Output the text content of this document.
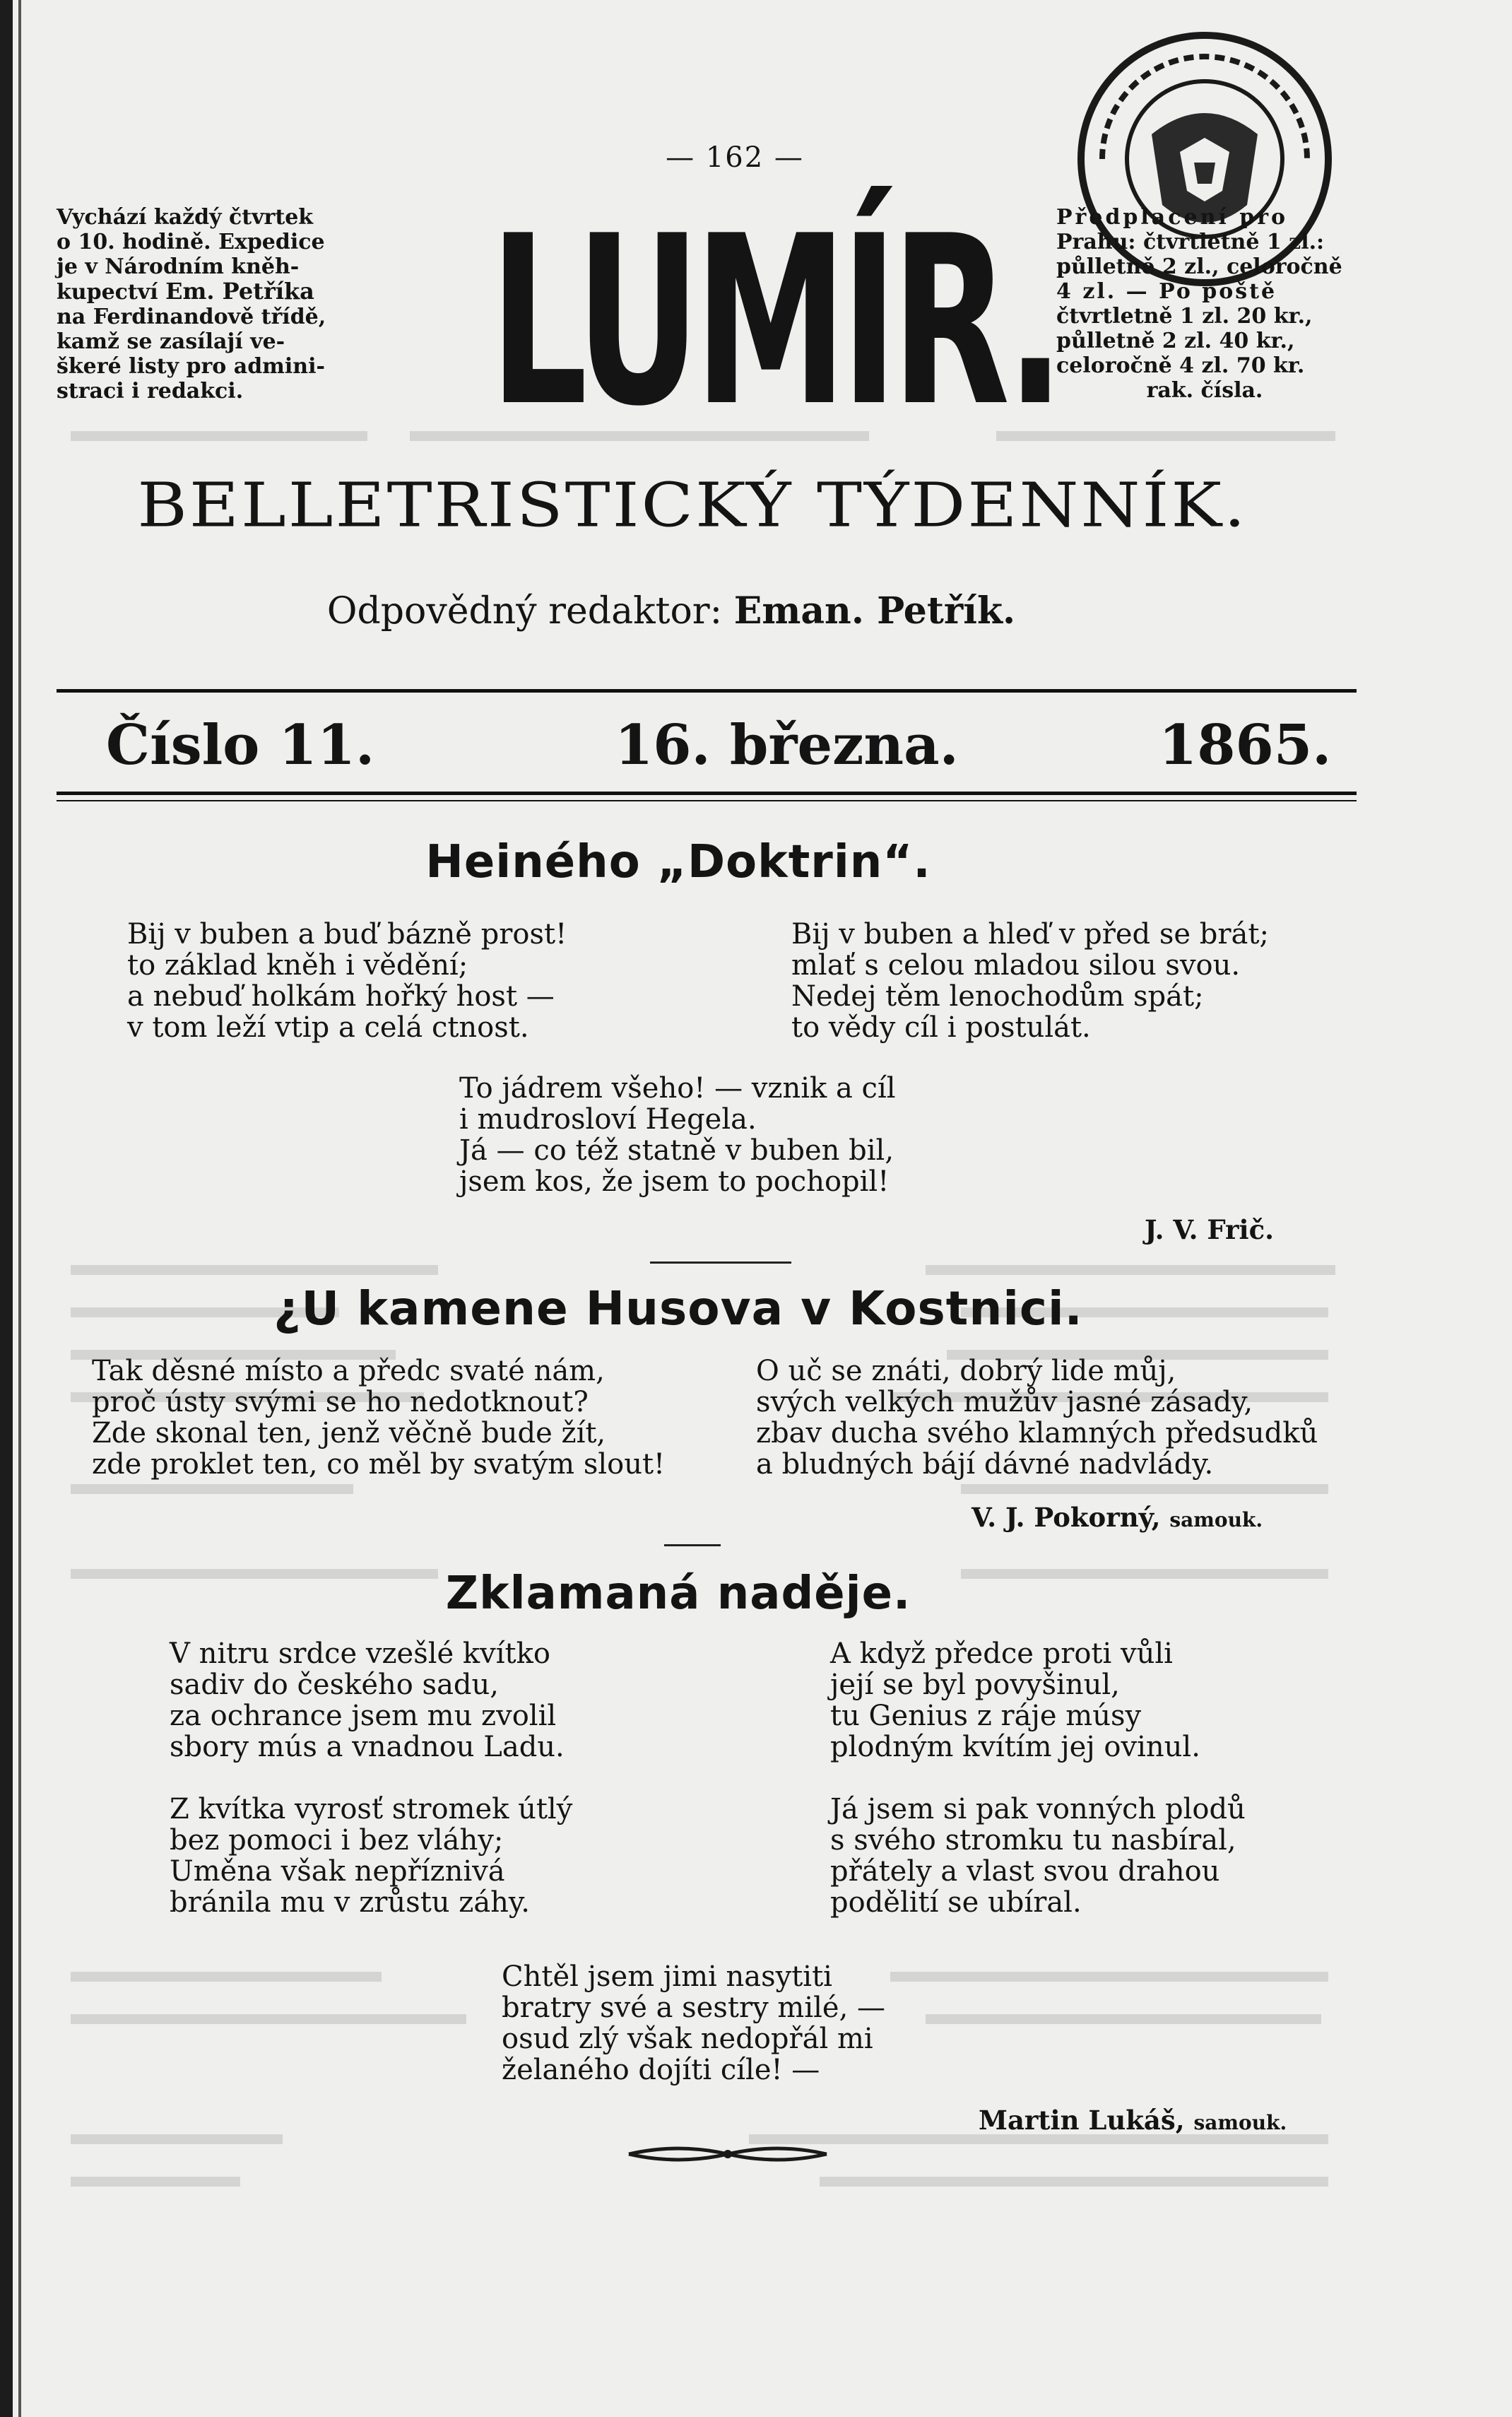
— 162 —
Vychází každý čtvrtek
o 10. hodině. Expedice
je v Národním kněh-
kupectví Em. Petříka
na Ferdinandově třídě,
kamž se zasílají ve-
škeré listy pro admini-
straci i redakci.	LUMÍR.
Předplacení pro
Prahu: čtvrtletně 1 zl.:
půlletně 2 zl., celoročně
4 zl. — Po poště
čtvrtletně 1 zl. 20 kr.,
půlletně 2 zl. 40 kr.,
celoročně 4 zl. 70 kr.
rak. čísla.
BELLETRISTICKÝ TÝDENNÍK.
Odpovědný redaktor: Eman. Petřík.
Číslo 11.	16. března.	1865.
Heiného „Doktrin“.
Bij v buben a buď bázně prost!
to základ kněh i vědění;
a nebuď holkám hořký host —
v tom leží vtip a celá ctnost.
Bij v buben a hleď v před se brát;
mlať s celou mladou silou svou.
Nedej těm lenochodům spát;
to vědy cíl i postulát.
To jádrem všeho! — vznik a cíl
i mudrosloví Hegela.
Já — co též statně v buben bil,
jsem kos, že jsem to pochopil!
J. V. Frič.
¿U kamene Husova v Kostnici.
Tak děsné místo a předc svaté nám,
proč ústy svými se ho nedotknout?
Zde skonal ten, jenž věčně bude žít,
zde proklet ten, co měl by svatým slout!
O uč se znáti, dobrý lide můj,
svých velkých mužův jasné zásady,
zbav ducha svého klamných předsudků
a bludných bájí dávné nadvlády.
V. J. Pokorný, samouk.
Zklamaná naděje.
V nitru srdce vzešlé kvítko
sadiv do českého sadu,
za ochrance jsem mu zvolil
sbory mús a vnadnou Ladu.
A když předce proti vůli
její se byl povyšinul,
tu Genius z ráje músy
plodným kvítím jej ovinul.
Z kvítka vyrosť stromek útlý
bez pomoci i bez vláhy;
Uměna však nepříznivá
bránila mu v zrůstu záhy.
Já jsem si pak vonných plodů
s svého stromku tu nasbíral,
přátely a vlast svou drahou
podělití se ubíral.
Chtěl jsem jimi nasytiti
bratry své a sestry milé, —
osud zlý však nedopřál mi
želaného dojíti cíle! —
Martin Lukáš, samouk.
